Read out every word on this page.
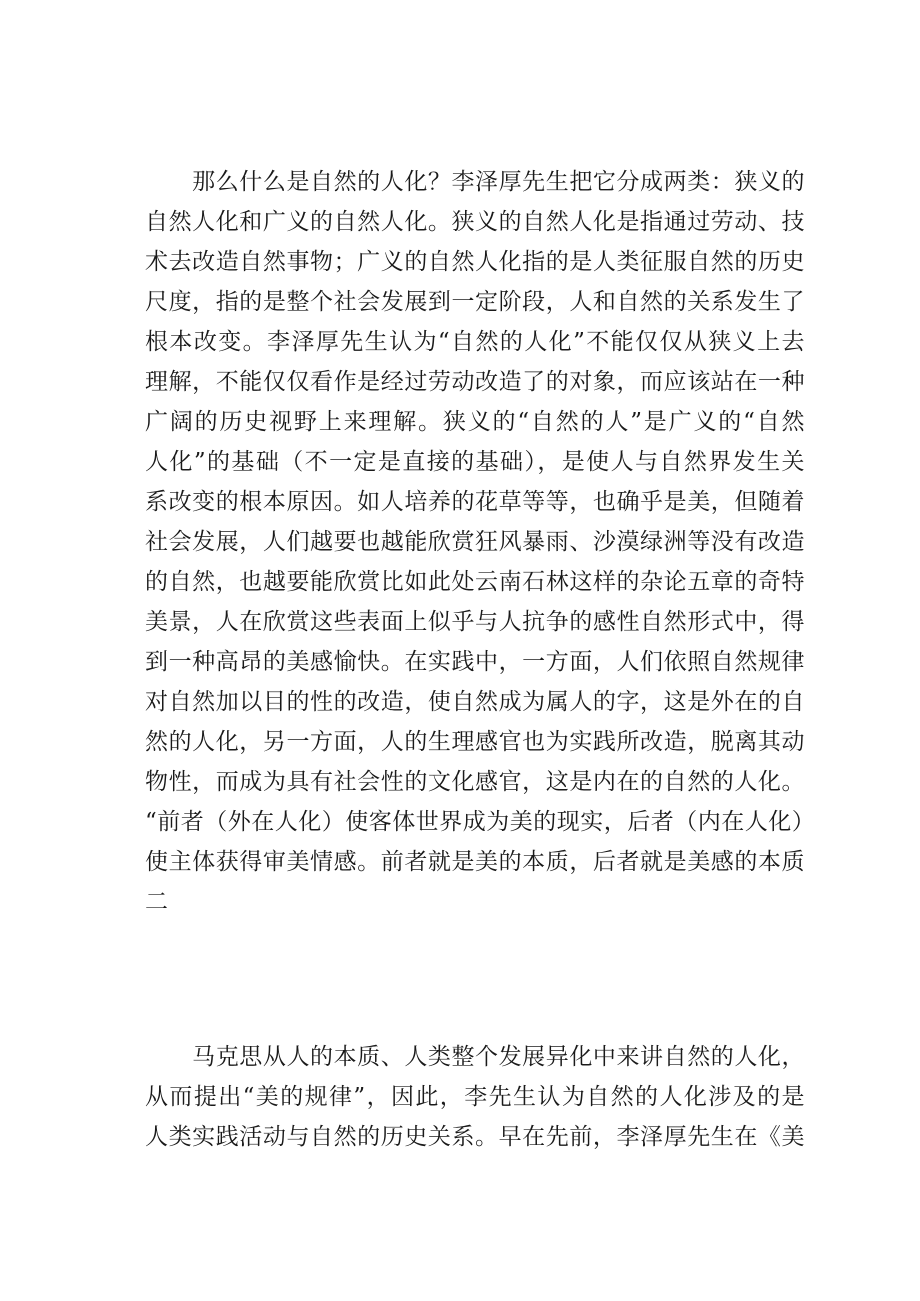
　　那么什么是自然的人化？李泽厚先生把它分成两类：狭义的
自然人化和广义的自然人化。狭义的自然人化是指通过劳动、技
术去改造自然事物；广义的自然人化指的是人类征服自然的历史
尺度，指的是整个社会发展到一定阶段，人和自然的关系发生了
根本改变。李泽厚先生认为“自然的人化”不能仅仅从狭义上去
理解，不能仅仅看作是经过劳动改造了的对象，而应该站在一种
广阔的历史视野上来理解。狭义的“自然的人”是广义的“自然
人化”的基础（不一定是直接的基础），是使人与自然界发生关
系改变的根本原因。如人培养的花草等等，也确乎是美，但随着
社会发展，人们越要也越能欣赏狂风暴雨、沙漠绿洲等没有改造
的自然，也越要能欣赏比如此处云南石林这样的杂论五章的奇特
美景，人在欣赏这些表面上似乎与人抗争的感性自然形式中，得
到一种高昂的美感愉快。在实践中，一方面，人们依照自然规律
对自然加以目的性的改造，使自然成为属人的字，这是外在的自
然的人化，另一方面，人的生理感官也为实践所改造，脱离其动
物性，而成为具有社会性的文化感官，这是内在的自然的人化。
“前者（外在人化）使客体世界成为美的现实，后者（内在人化）
使主体获得审美情感。前者就是美的本质，后者就是美感的本质
二
　　马克思从人的本质、人类整个发展异化中来讲自然的人化，
从而提出“美的规律”，因此，李先生认为自然的人化涉及的是
人类实践活动与自然的历史关系。早在先前，李泽厚先生在《美
